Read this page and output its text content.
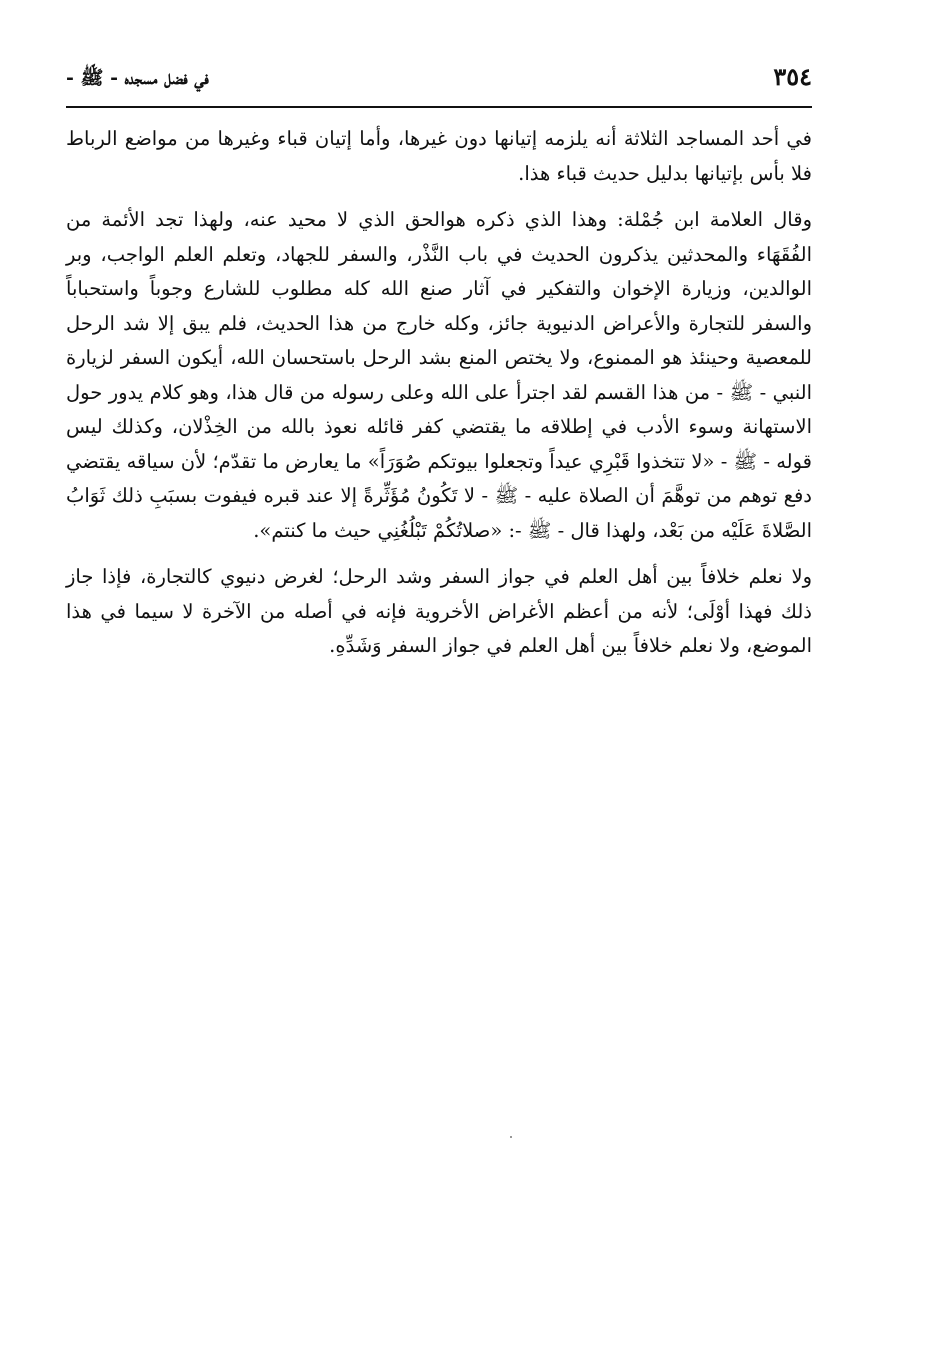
٣٥٤
في فضل مسجده - ﷺ -

في أحد المساجد الثلاثة أنه يلزمه إتيانها دون غيرها، وأما إتيان قباء وغيرها من مواضع الرباط فلا بأس بإتيانها بدليل حديث قباء هذا.

وقال العلامة ابن جُمْلة: وهذا الذي ذكره هوالحق الذي لا محيد عنه، ولهذا تجد الأئمة من الفُقَهَاء والمحدثين يذكرون الحديث في باب النَّذْر، والسفر للجهاد، وتعلم العلم الواجب، وبر الوالدين، وزيارة الإخوان والتفكير في آثار صنع الله كله مطلوب للشارع وجوباً واستحباباً والسفر للتجارة والأعراض الدنيوية جائز، وكله خارج من هذا الحديث، فلم يبق إلا شد الرحل للمعصية وحينئذ هو الممنوع، ولا يختص المنع بشد الرحل باستحسان الله، أيكون السفر لزيارة النبي - ﷺ - من هذا القسم لقد اجترأ على الله وعلى رسوله من قال هذا، وهو كلام يدور حول الاستهانة وسوء الأدب في إطلاقه ما يقتضي كفر قائله نعوذ بالله من الخِذْلان، وكذلك ليس قوله - ﷺ - «لا تتخذوا قَبْرِي عيداً وتجعلوا بيوتكم صُوَرَاً» ما يعارض ما تقدّم؛ لأن سياقه يقتضي دفع توهم من توهَّمَ أن الصلاة عليه - ﷺ - لا تَكُونُ مُؤَثِّرةً إلا عند قبره فيفوت بسبَبِ ذلك ثَوَابُ الصَّلاةَ عَلَيْه من بَعْد، ولهذا قال - ﷺ -: «صلاتُكُمْ تَبْلُغُنِي حيث ما كنتم».

ولا نعلم خلافاً بين أهل العلم في جواز السفر وشد الرحل؛ لغرض دنيوي كالتجارة، فإذا جاز ذلك فهذا أوْلَى؛ لأنه من أعظم الأغراض الأخروية فإنه في أصله من الآخرة لا سيما في هذا الموضع، ولا نعلم خلافاً بين أهل العلم في جواز السفر وَشَدِّهِ.
